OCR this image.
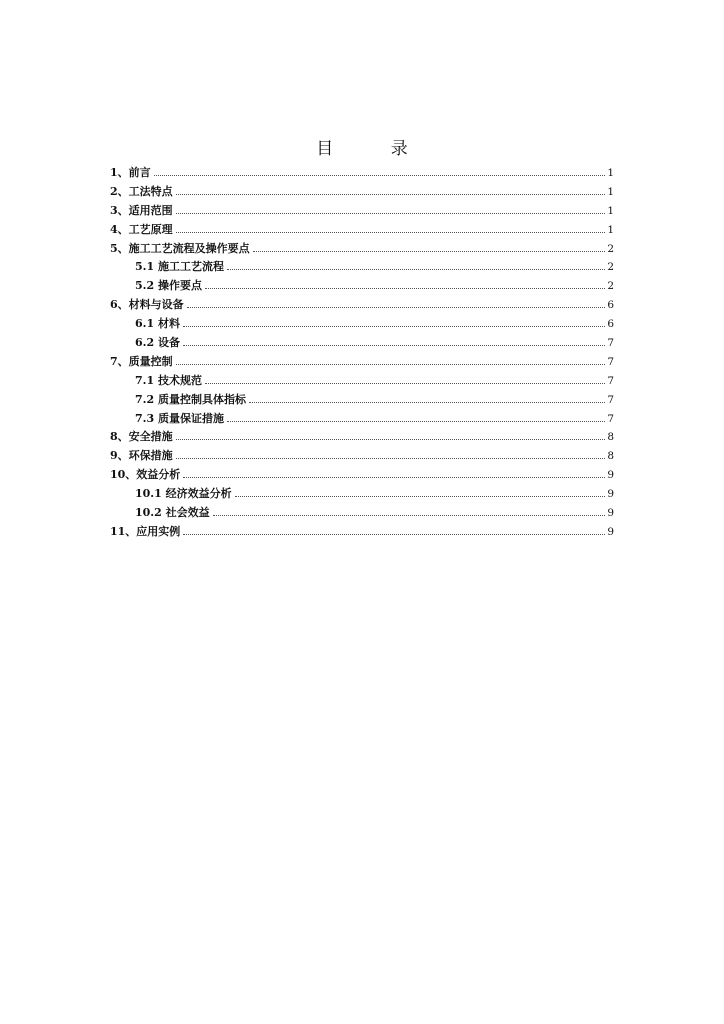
目 录
1、前言	1
2、工法特点	1
3、适用范围	1
4、工艺原理	1
5、施工工艺流程及操作要点	2
5.1 施工工艺流程	2
5.2 操作要点	2
6、材料与设备	6
6.1 材料	6
6.2 设备	7
7、质量控制	7
7.1 技术规范	7
7.2 质量控制具体指标	7
7.3 质量保证措施	7
8、安全措施	8
9、环保措施	8
10、效益分析	9
10.1 经济效益分析	9
10.2 社会效益	9
11、应用实例	9
